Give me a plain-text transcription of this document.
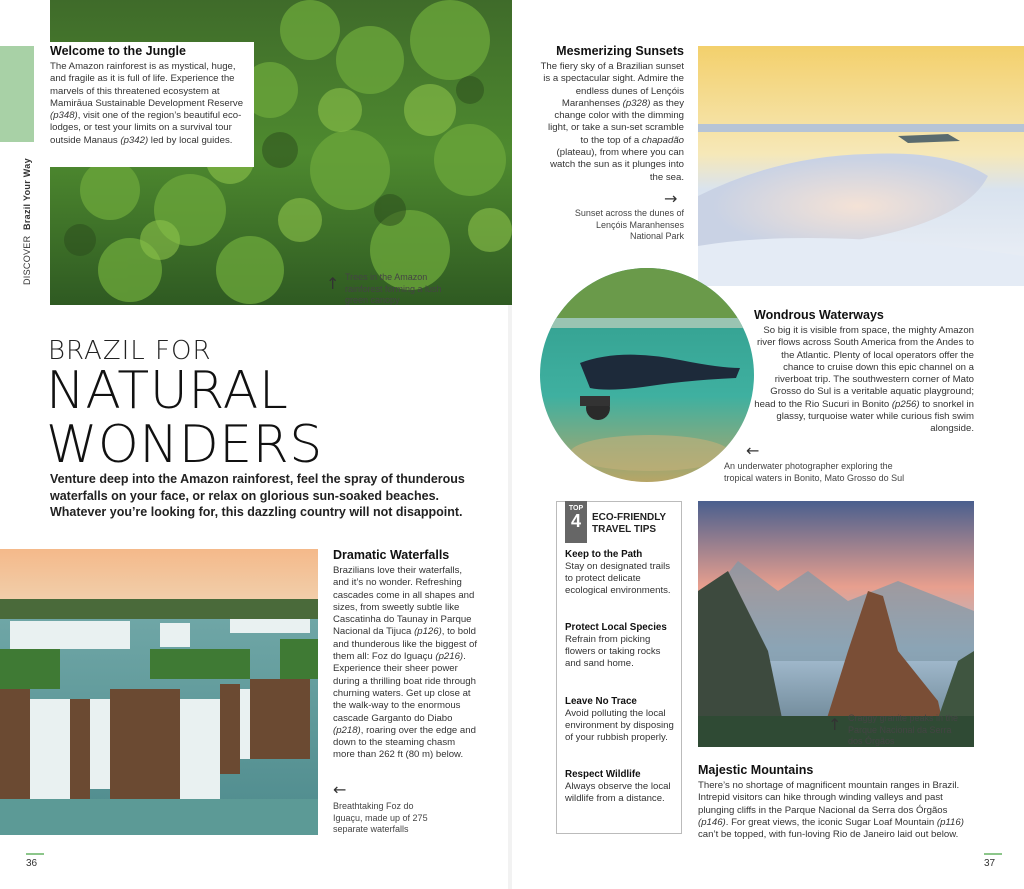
DISCOVER  Brazil Your Way
Welcome to the Jungle

The Amazon rainforest is as mystical, huge, and fragile as it is full of life. Experience the marvels of this threatened ecosystem at Mamirāua Sustainable Development Reserve (p348), visit one of the region’s beautiful eco-lodges, or test your limits on a survival tour outside Manaus (p342) led by local guides.

↑ Trees in the Amazon rainforest forming a lush green canopy
BRAZIL FOR
NATURAL
WONDERS
Venture deep into the Amazon rainforest, feel the spray of thunderous waterfalls on your face, or relax on glorious sun-soaked beaches. Whatever you’re looking for, this dazzling country will not disappoint.
Dramatic Waterfalls

Brazilians love their waterfalls, and it’s no wonder. Refreshing cascades come in all shapes and sizes, from sweetly subtle like Cascatinha do Taunay in Parque Nacional da Tijuca (p126), to bold and thunderous like the biggest of them all: Foz do Iguaçu (p216). Experience their sheer power during a thrilling boat ride through churning waters. Get up close at the walk-way to the enormous cascade Garganto do Diabo (p218), roaring over the edge and down to the steaming chasm more than 262 ft (80 m) below.

←
Breathtaking Foz do Iguaçu, made up of 275 separate waterfalls
36
Mesmerizing Sunsets

The fiery sky of a Brazilian sunset is a spectacular sight. Admire the endless dunes of Lençóis Maranhenses (p328) as they change color with the dimming light, or take a sun-set scramble to the top of a chapadão (plateau), from where you can watch the sun as it plunges into the sea.

→
Sunset across the dunes of Lençóis Maranhenses National Park
Wondrous Waterways

So big it is visible from space, the mighty Amazon river flows across South America from the Andes to the Atlantic. Plenty of local operators offer the chance to cruise down this epic channel on a riverboat trip. The southwestern corner of Mato Grosso do Sul is a veritable aquatic playground; head to the Rio Sucuri in Bonito (p256) to snorkel in glassy, turquoise water while curious fish swim alongside.

←
An underwater photographer exploring the tropical waters in Bonito, Mato Grosso do Sul
TOP
4	ECO-FRIENDLY TRAVEL TIPS
Keep to the Path

Stay on designated trails to protect delicate ecological environments.

Protect Local Species

Refrain from picking flowers or taking rocks and sand home.

Leave No Trace

Avoid polluting the local environment by disposing of your rubbish properly.

Respect Wildlife

Always observe the local wildlife from a distance.

↑ Craggy granite peaks in the Parque Nacional da Serra dos Órgãos
Majestic Mountains

There’s no shortage of magnificent mountain ranges in Brazil. Intrepid visitors can hike through winding valleys and past plunging cliffs in the Parque Nacional da Serra dos Órgãos (p146). For great views, the iconic Sugar Loaf Mountain (p116) can’t be topped, with fun-loving Rio de Janeiro laid out below.

37
